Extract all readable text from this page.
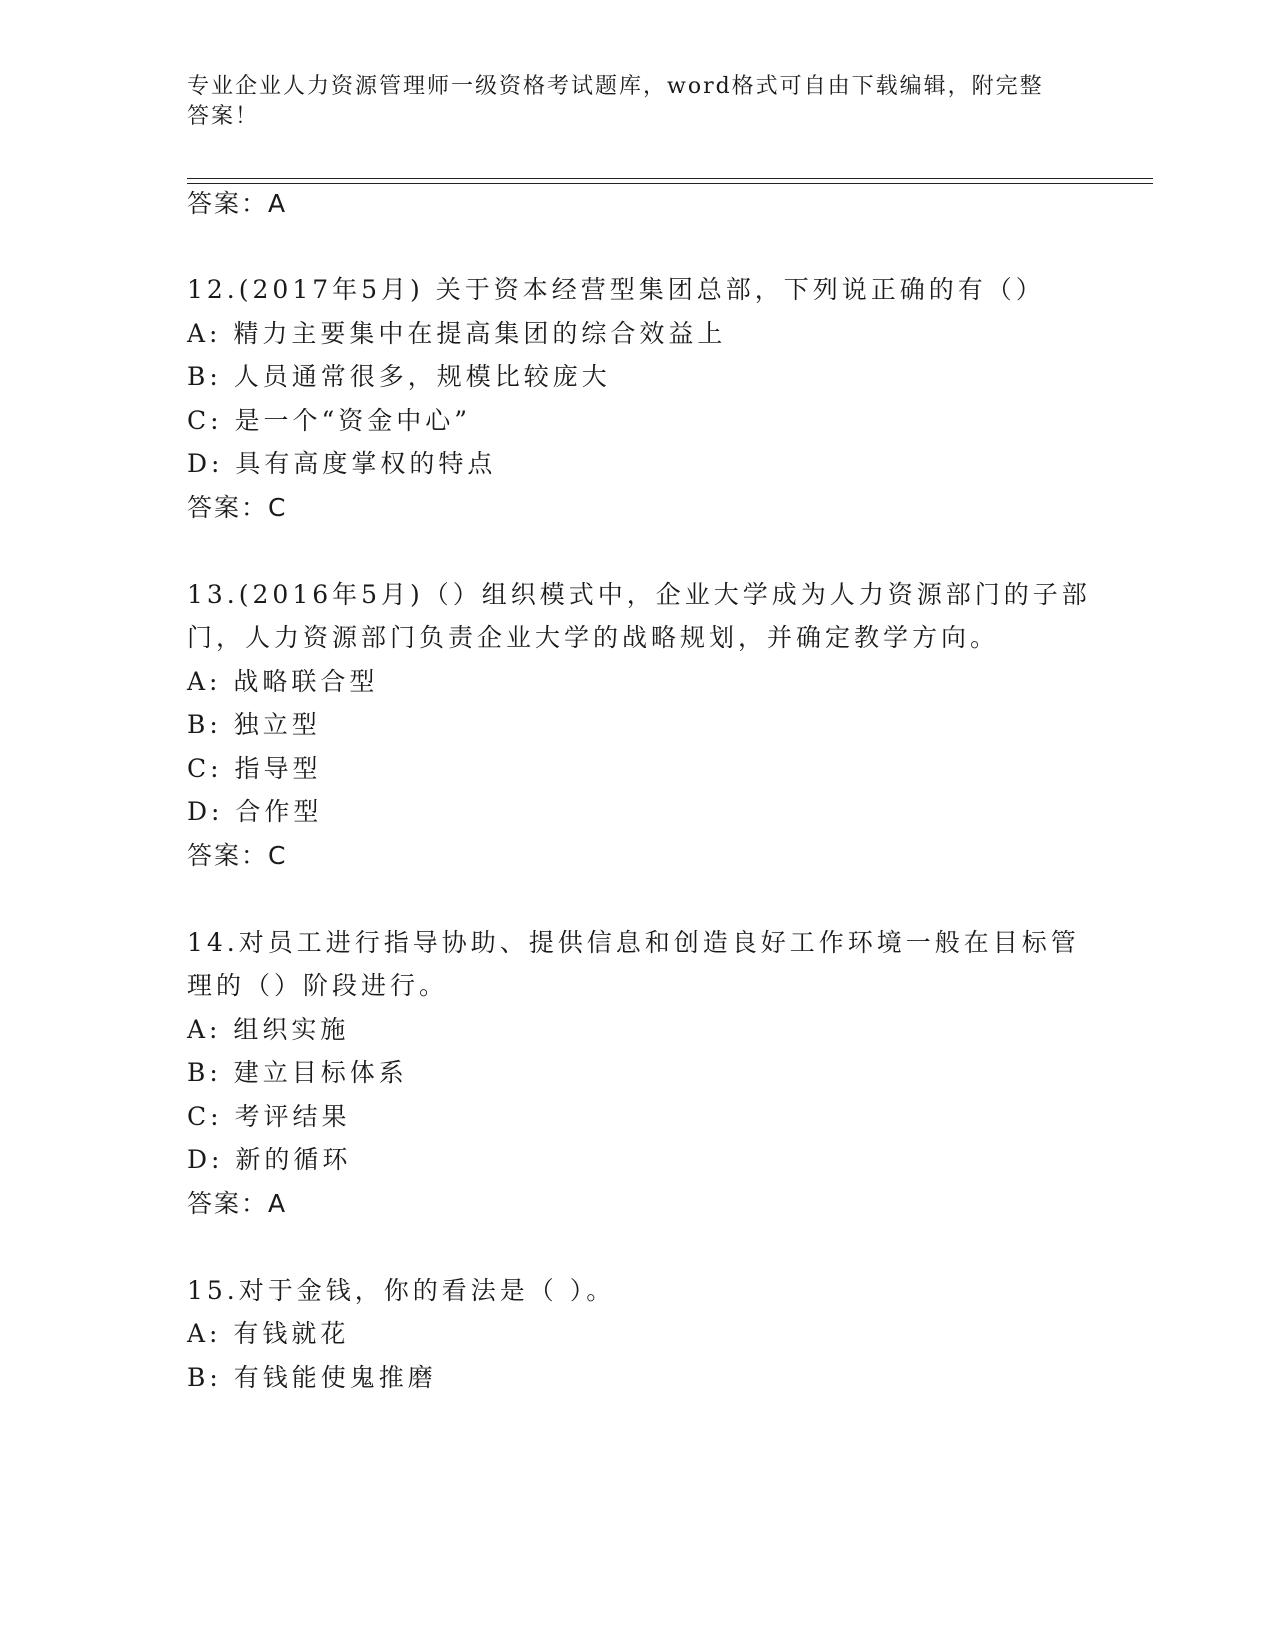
专业企业人力资源管理师一级资格考试题库，word格式可自由下载编辑，附完整答案！
答案：A
12.(2017年5月) 关于资本经营型集团总部，下列说正确的有（）
A: 精力主要集中在提高集团的综合效益上
B: 人员通常很多，规模比较庞大
C: 是一个“资金中心”
D: 具有高度掌权的特点
答案：C
13.(2016年5月)（）组织模式中，企业大学成为人力资源部门的子部
门，人力资源部门负责企业大学的战略规划，并确定教学方向。
A: 战略联合型
B: 独立型
C: 指导型
D: 合作型
答案：C
14.对员工进行指导协助、提供信息和创造良好工作环境一般在目标管
理的（）阶段进行。
A: 组织实施
B: 建立目标体系
C: 考评结果
D: 新的循环
答案：A
15.对于金钱，你的看法是（ ）。
A: 有钱就花
B: 有钱能使鬼推磨
